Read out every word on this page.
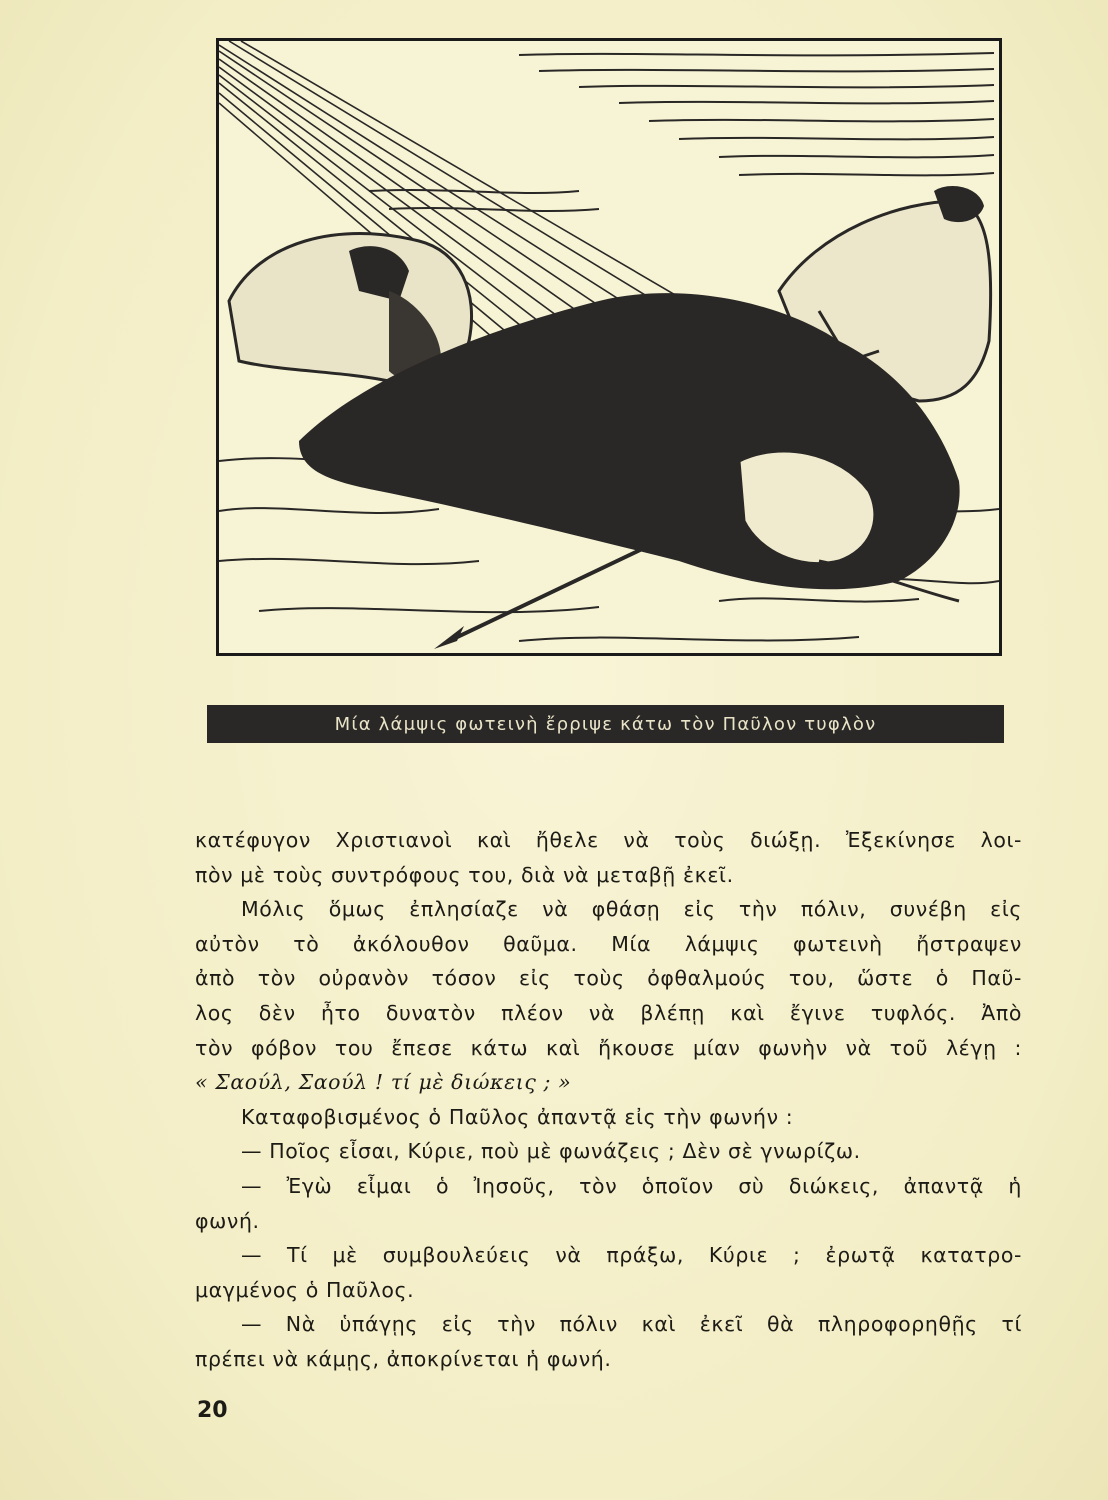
Μία λάμψις φωτεινὴ ἔρριψε κάτω τὸν Παῦλον τυφλὸν
κατέφυγον Χριστιανοὶ καὶ ἤθελε νὰ τοὺς διώξῃ. Ἐξεκίνησε λοι-
πὸν μὲ τοὺς συντρόφους του, διὰ νὰ μεταβῇ ἐκεῖ.
Μόλις ὅμως ἐπλησίαζε νὰ φθάσῃ εἰς τὴν πόλιν, συνέβη εἰς
αὐτὸν τὸ ἀκόλουθον θαῦμα. Μία λάμψις φωτεινὴ ἤστραψεν
ἀπὸ τὸν οὐρανὸν τόσον εἰς τοὺς ὀφθαλμούς του, ὥστε ὁ Παῦ-
λος δὲν ἦτο δυνατὸν πλέον νὰ βλέπῃ καὶ ἔγινε τυφλός. Ἀπὸ
τὸν φόβον του ἔπεσε κάτω καὶ ἤκουσε μίαν φωνὴν νὰ τοῦ λέγῃ :
« Σαούλ, Σαούλ ! τί μὲ διώκεις ; »
Καταφοβισμένος ὁ Παῦλος ἀπαντᾷ εἰς τὴν φωνήν :
— Ποῖος εἶσαι, Κύριε, ποὺ μὲ φωνάζεις ; Δὲν σὲ γνωρίζω.
— Ἐγὼ εἶμαι ὁ Ἰησοῦς, τὸν ὁποῖον σὺ διώκεις, ἀπαντᾷ ἡ
φωνή.
— Τί μὲ συμβουλεύεις νὰ πράξω, Κύριε ; ἐρωτᾷ κατατρο-
μαγμένος ὁ Παῦλος.
— Νὰ ὑπάγῃς εἰς τὴν πόλιν καὶ ἐκεῖ θὰ πληροφορηθῇς τί
πρέπει νὰ κάμῃς, ἀποκρίνεται ἡ φωνή.
20
